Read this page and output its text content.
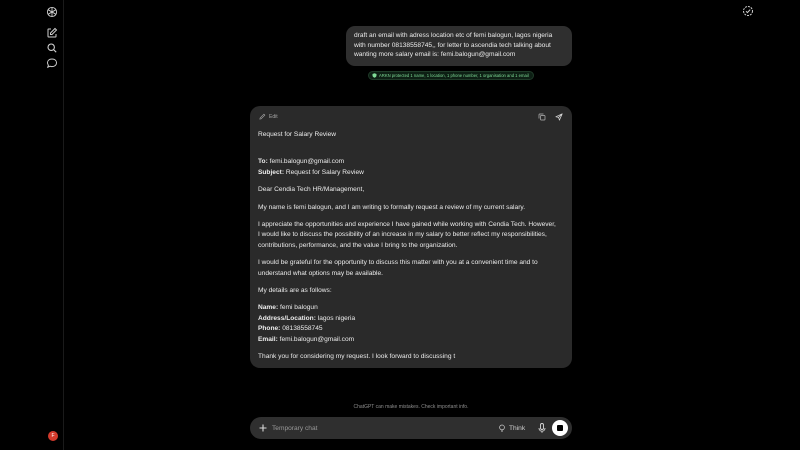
F
draft an email with adress location etc of femi balogun, lagos nigeria with number 08138558745,, for letter to ascendia tech talking about wanting more salary email is: femi.balogun@gmail.com
ARKN protected 1 name, 1 location, 1 phone number, 1 organisation and 1 email
Edit

Request for Salary Review

To: femi.balogun@gmail.com

Subject: Request for Salary Review

Dear Cendia Tech HR/Management,

My name is femi balogun, and I am writing to formally request a review of my current salary.

I appreciate the opportunities and experience I have gained while working with Cendia Tech. However, I would like to discuss the possibility of an increase in my salary to better reflect my responsibilities, contributions, performance, and the value I bring to the organization.

I would be grateful for the opportunity to discuss this matter with you at a convenient time and to understand what options may be available.

My details are as follows:

Name: femi balogun
Address/Location: lagos nigeria
Phone: 08138558745

Email: femi.balogun@gmail.com

Thank you for considering my request. I look forward to discussing t

ChatGPT can make mistakes. Check important info.
Temporary chat
Think
